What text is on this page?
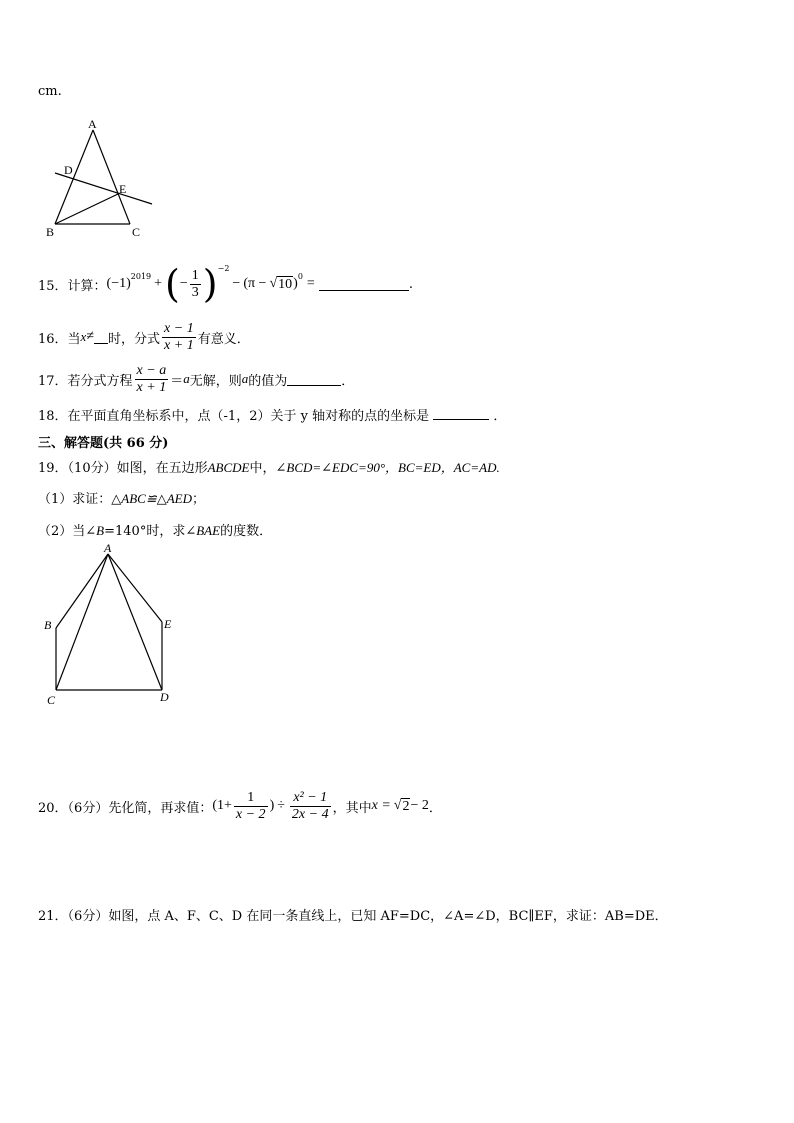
cm.
A
B	C
D
E
15．计算： (−1) 2019 + ( − $\frac{1}{3}$ ) −2
− (π − √ 10 ) 0 =	.
16．当 x ≠ 时，分式 $\frac{x - 1}{x + 1}$ 有意义．
17．若分式方程 $\frac{x - a}{x + 1} = a$ 无解，则 a 的值为	．
18．在平面直角坐标系中，点（-1，2）关于 y 轴对称的点的坐标是	．
三、解答题(共 66 分)
19．（10分）如图，在五边形ABCDE中，∠BCD=∠EDC=90°，BC=ED，AC=AD.
（1）求证：△ABC≌△AED；
（2）当∠B=140°时，求∠BAE的度数．
A
B
C	D
E
20．（6分）先化简，再求值： ($1+ \frac{1}{x - 2}$ ) ÷ $\frac{\text{x² − 1}}{2x - 4}$ ，其中 x = √ 2 − 2 ．
21．（6分）如图，点 A、F、C、D 在同一条直线上，已知 AF=DC，∠A=∠D，BC∥EF，求证：AB=DE．
